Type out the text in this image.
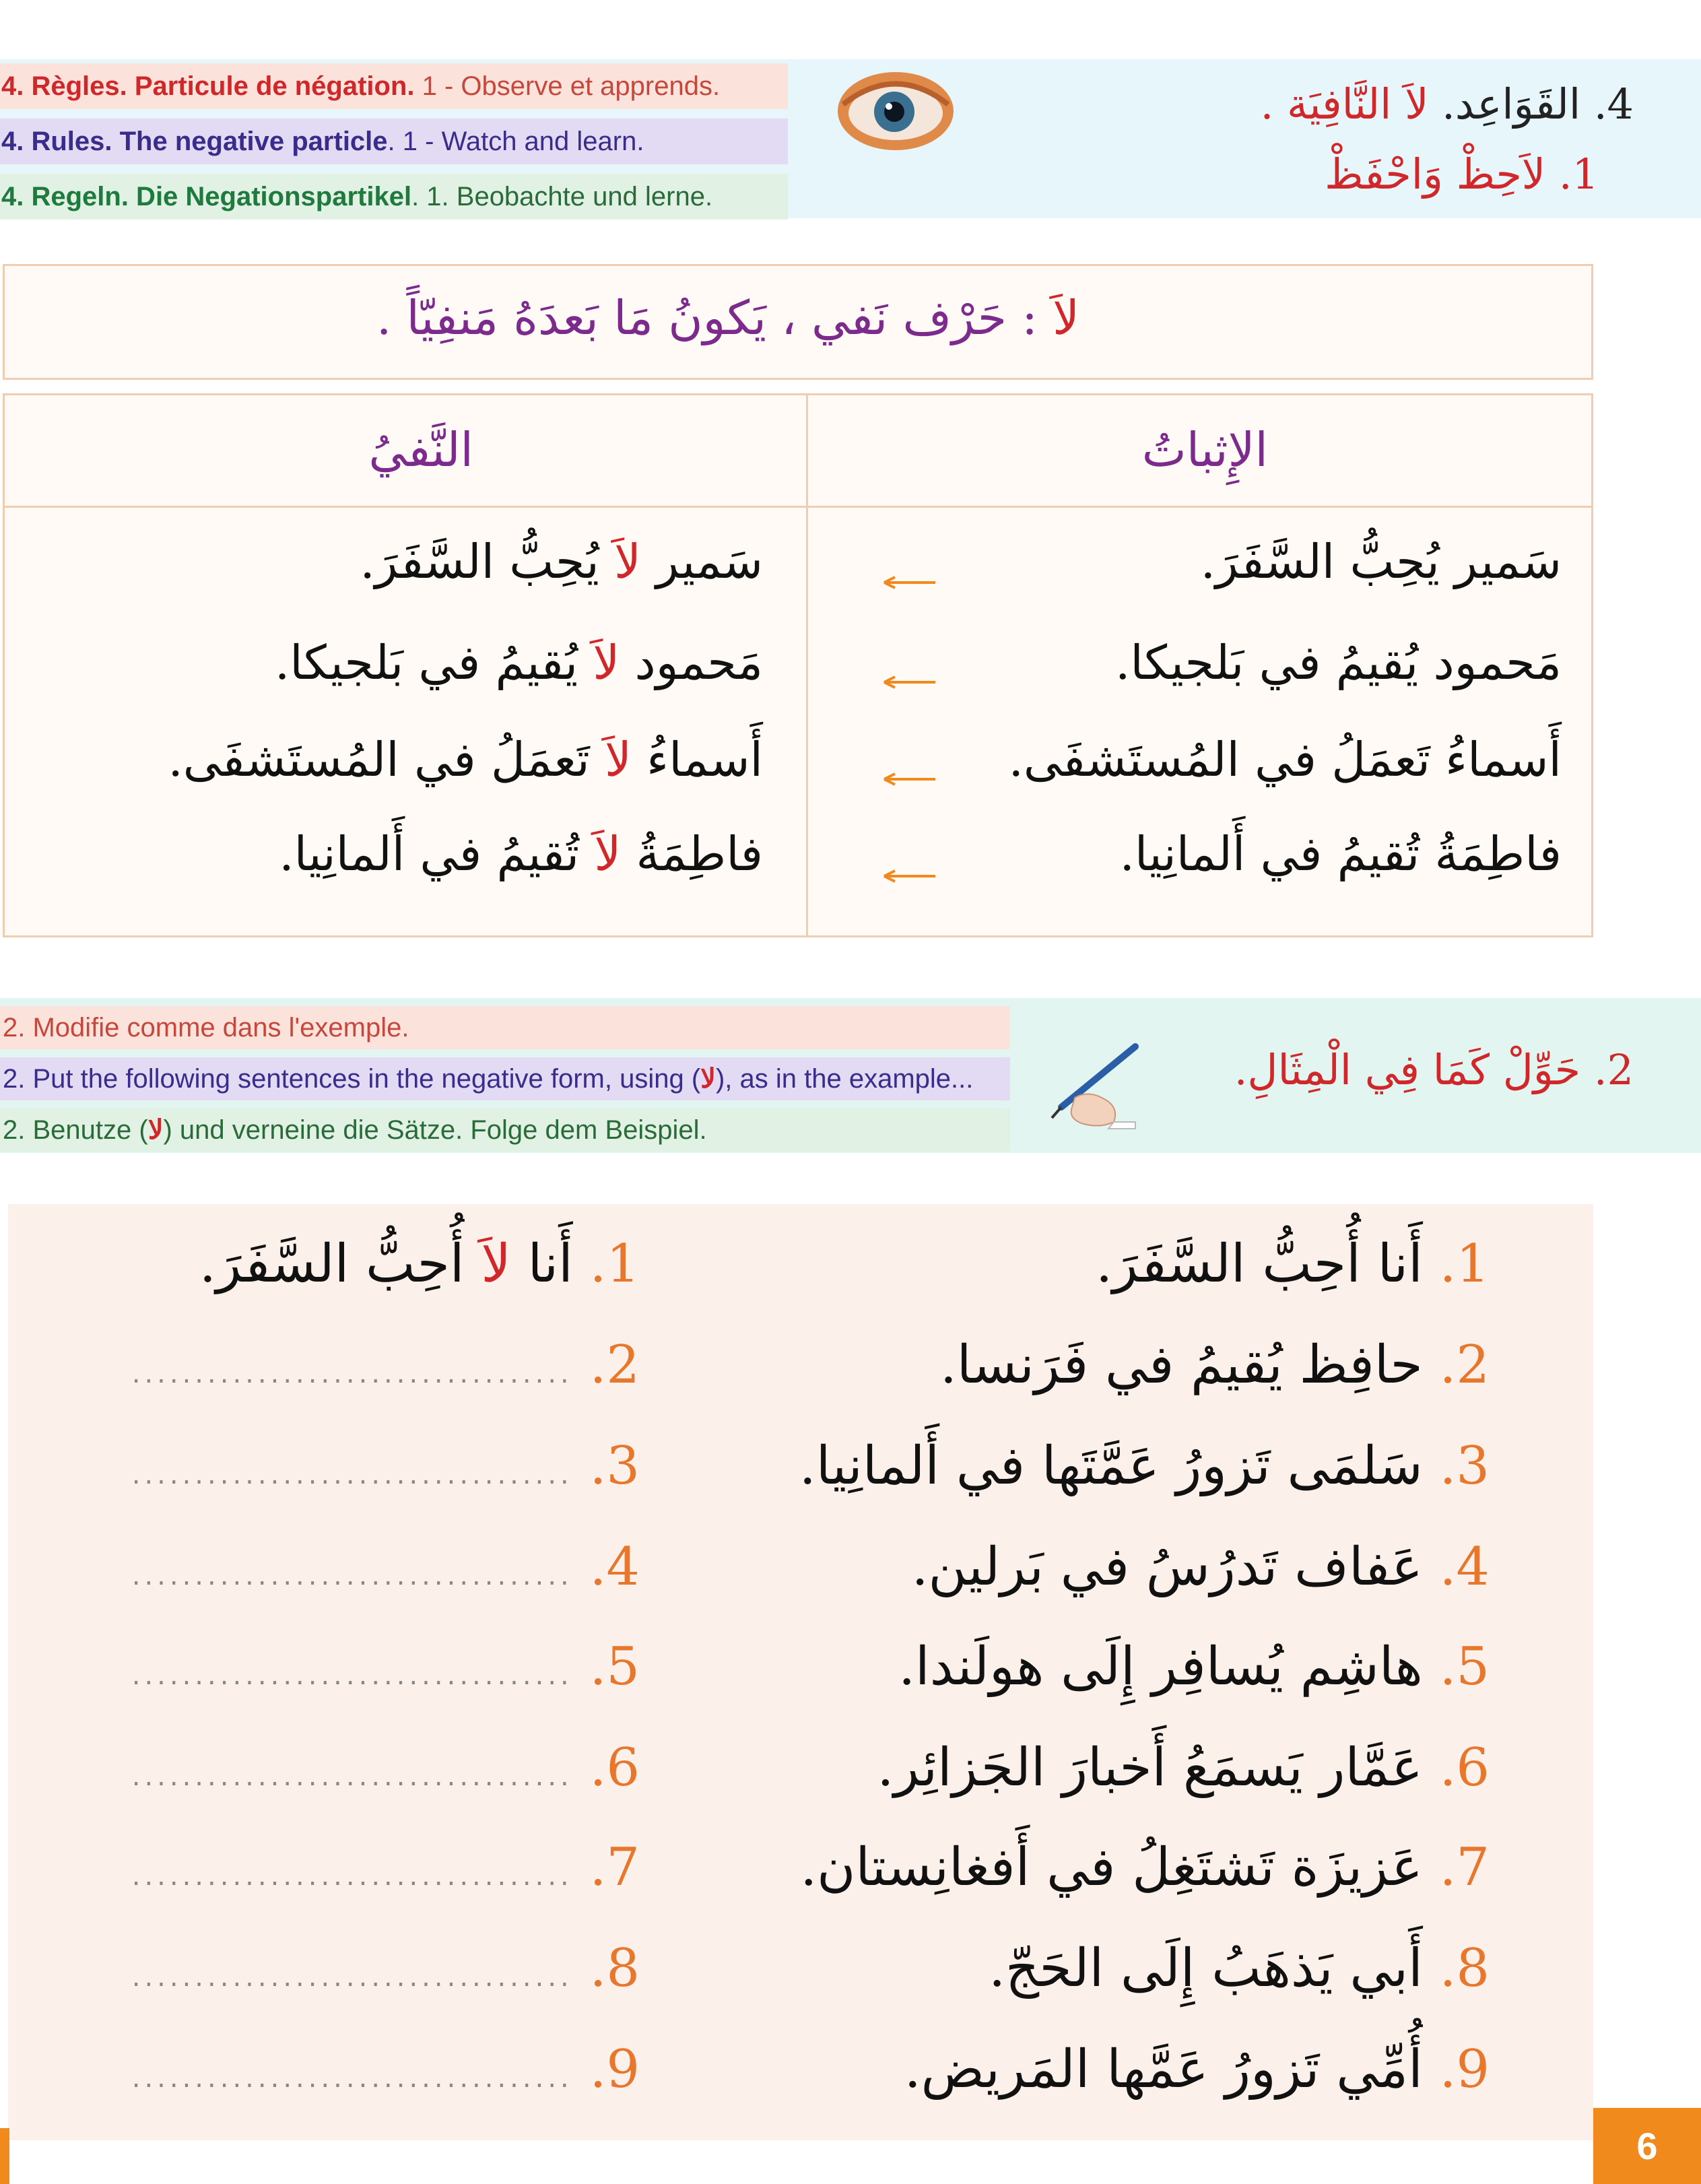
4. Règles. Particule de négation. 1 - Observe et apprends.
4. Rules. The negative particle. 1 - Watch and learn.
4. Regeln. Die Negationspartikel. 1. Beobachte und lerne.
4. القَوَاعِد. لاَ النَّافِيَة .
1. لاَحِظْ وَاحْفَظْ
لاَ : حَرْف نَفي ، يَكونُ مَا بَعدَهُ مَنفِيّاً .
الإِثباتُ
النَّفيُ
سَمير يُحِبُّ السَّفَرَ.
سَمير لاَ يُحِبُّ السَّفَرَ.
مَحمود يُقيمُ في بَلجيكا.
مَحمود لاَ يُقيمُ في بَلجيكا.
أَسماءُ تَعمَلُ في المُستَشفَى.
أَسماءُ لاَ تَعمَلُ في المُستَشفَى.
فاطِمَةُ تُقيمُ في أَلمانِيا.
فاطِمَةُ لاَ تُقيمُ في أَلمانِيا.
2. Modifie comme dans l'exemple.
2. Put the following sentences in the negative form, using (لا), as in the example...
2. Benutze (لا) und verneine die Sätze. Folge dem Beispiel.
2. حَوِّلْ كَمَا فِي الْمِثَالِ.
1. أَنا أُحِبُّ السَّفَرَ.
2. حافِظ يُقيمُ في فَرَنسا.
3. سَلمَى تَزورُ عَمَّتَها في أَلمانِيا.
4. عَفاف تَدرُسُ في بَرلين.
5. هاشِم يُسافِر إِلَى هولَندا.
6. عَمَّار يَسمَعُ أَخبارَ الجَزائِر.
7. عَزيزَة تَشتَغِلُ في أَفغانِستان.
8. أَبي يَذهَبُ إِلَى الحَجّ.
9. أُمِّي تَزورُ عَمَّها المَريض.
1. أَنا لاَ أُحِبُّ السَّفَرَ.
2. ...................................
3. ...................................
4. ...................................
5. ...................................
6. ...................................
7. ...................................
8. ...................................
9. ...................................
6
